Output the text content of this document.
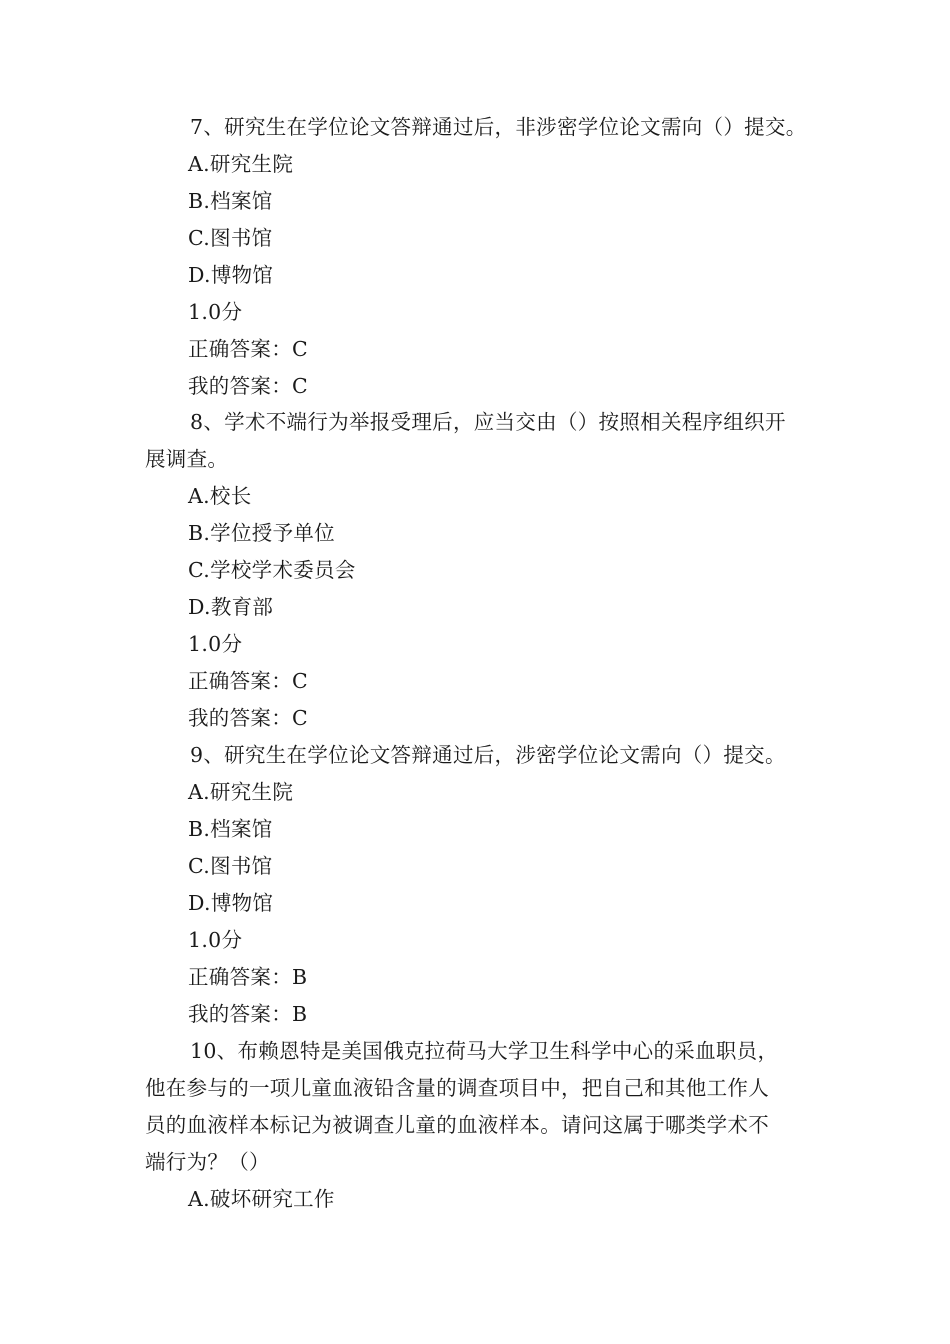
7、研究生在学位论文答辩通过后，非涉密学位论文需向（）提交。
A.研究生院
B.档案馆
C.图书馆
D.博物馆
1.0分
正确答案：C
我的答案：C
8、学术不端行为举报受理后，应当交由（）按照相关程序组织开
展调查。
A.校长
B.学位授予单位
C.学校学术委员会
D.教育部
1.0分
正确答案：C
我的答案：C
9、研究生在学位论文答辩通过后，涉密学位论文需向（）提交。
A.研究生院
B.档案馆
C.图书馆
D.博物馆
1.0分
正确答案：B
我的答案：B
10、布赖恩特是美国俄克拉荷马大学卫生科学中心的采血职员，
他在参与的一项儿童血液铅含量的调查项目中，把自己和其他工作人
员的血液样本标记为被调查儿童的血液样本。请问这属于哪类学术不
端行为？（）
A.破坏研究工作
